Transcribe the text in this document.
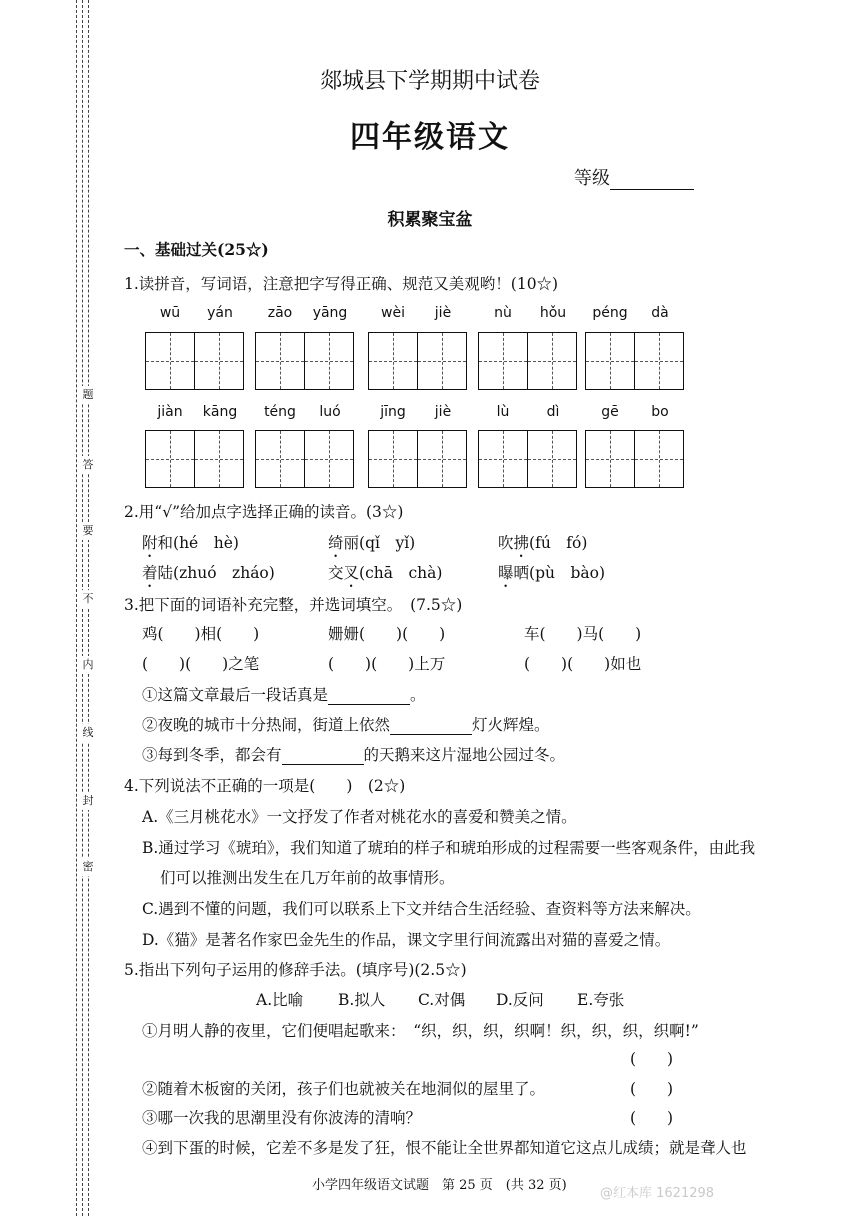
题
答
要
不
内
线
封
密
郯城县下学期期中试卷
四年级语文
等级
积累聚宝盆
一、基础过关(25☆)
1.读拼音，写词语，注意把字写得正确、规范又美观哟！(10☆)
wū	yán	zāo	yāng	wèi	jiè	nù	hǒu	péng	dà
jiàn	kāng	téng	luó	jīng	jiè	lù	dì	gē	bo
2.用“√”给加点字选择正确的读音。(3☆)
附和(hé　hè)	绮丽(qǐ　yǐ)	吹拂(fú　fó)
着陆(zhuó　zháo)	交叉(chā　chà)	曝晒(pù　bào)
3.把下面的词语补充完整，并选词填空。　 (7.5☆)
鸡(　　)相(　　)	姗姗(　　)(　　)	车(　　)马(　　)
(　　)(　　)之笔	(　　)(　　)上万	(　　)(　　)如也
①这篇文章最后一段话真是	。
②夜晚的城市十分热闹，街道上依然	灯火辉煌。
③每到冬季，都会有	的天鹅来这片湿地公园过冬。
4.下列说法不正确的一项是(　　)　(2☆)
A.《三月桃花水》一文抒发了作者对桃花水的喜爱和赞美之情。
B.通过学习《琥珀》，我们知道了琥珀的样子和琥珀形成的过程需要一些客观条件，由此我
们可以推测出发生在几万年前的故事情形。
C.遇到不懂的问题，我们可以联系上下文并结合生活经验、查资料等方法来解决。
D.《猫》是著名作家巴金先生的作品，课文字里行间流露出对猫的喜爱之情。
5.指出下列句子运用的修辞手法。(填序号)(2.5☆)
A.比喻 B.拟人 C.对偶 D.反问 E.夸张
①月明人静的夜里，它们便唱起歌来：　“织，织，织，织啊！织，织，织，织啊!”
(　　)
②随着木板窗的关闭，孩子们也就被关在地洞似的屋里了。	(　　)
③哪一次我的思潮里没有你波涛的清响？	(　　)
④到下蛋的时候，它差不多是发了狂，恨不能让全世界都知道它这点儿成绩；就是聋人也
小学四年级语文试题　第 25 页　(共 32 页)
@红本库 1621298
